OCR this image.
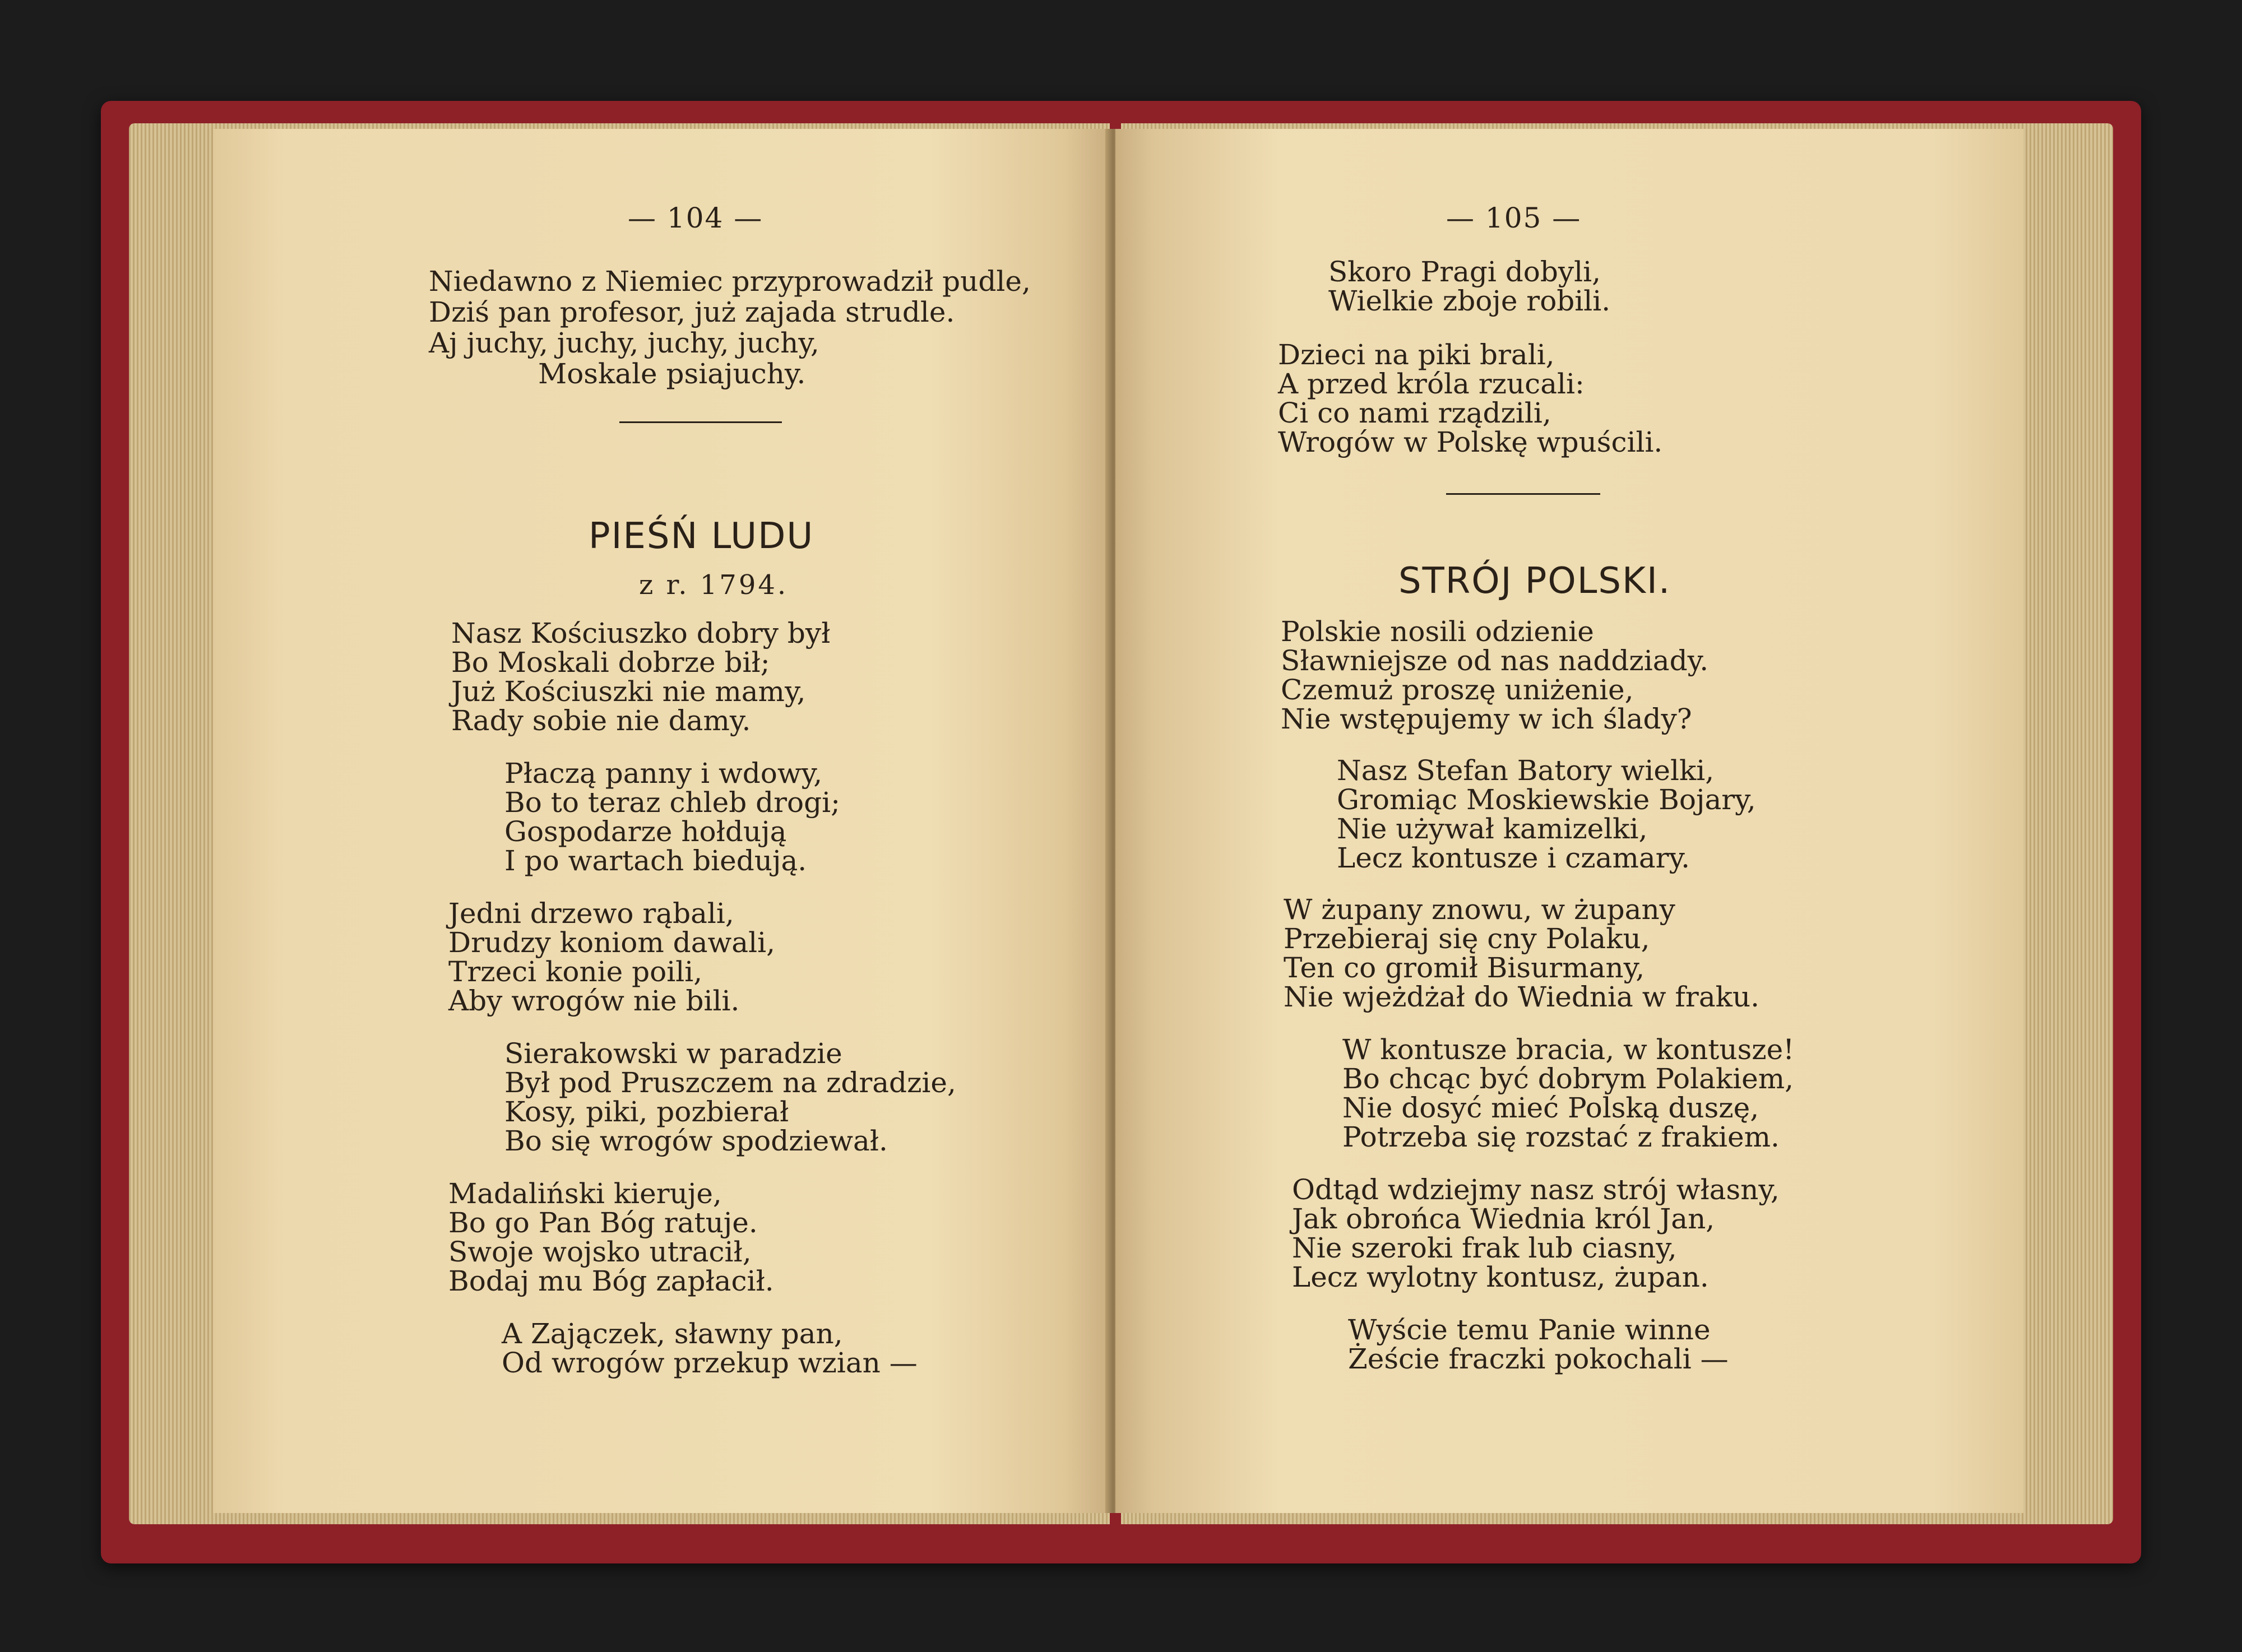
— 104 —
Niedawno z Niemiec przyprowadził pudle,
Dziś pan profesor, już zajada strudle.
Aj juchy, juchy, juchy, juchy,
Moskale psiajuchy.
PIEŚŃ LUDU
z r. 1794.
Nasz Kościuszko dobry był
Bo Moskali dobrze bił;
Już Kościuszki nie mamy,
Rady sobie nie damy.
Płaczą panny i wdowy,
Bo to teraz chleb drogi;
Gospodarze hołdują
I po wartach biedują.
Jedni drzewo rąbali,
Drudzy koniom dawali,
Trzeci konie poili,
Aby wrogów nie bili.
Sierakowski w paradzie
Był pod Pruszczem na zdradzie,
Kosy, piki, pozbierał
Bo się wrogów spodziewał.
Madaliński kieruje,
Bo go Pan Bóg ratuje.
Swoje wojsko utracił,
Bodaj mu Bóg zapłacił.
A Zajączek, sławny pan,
Od wrogów przekup wzian —
— 105 —
Skoro Pragi dobyli,
Wielkie zboje robili.
Dzieci na piki brali,
A przed króla rzucali:
Ci co nami rządzili,
Wrogów w Polskę wpuścili.
STRÓJ POLSKI.
Polskie nosili odzienie
Sławniejsze od nas naddziady.
Czemuż proszę uniżenie,
Nie wstępujemy w ich ślady?
Nasz Stefan Batory wielki,
Gromiąc Moskiewskie Bojary,
Nie używał kamizelki,
Lecz kontusze i czamary.
W żupany znowu, w żupany
Przebieraj się cny Polaku,
Ten co gromił Bisurmany,
Nie wjeżdżał do Wiednia w fraku.
W kontusze bracia, w kontusze!
Bo chcąc być dobrym Polakiem,
Nie dosyć mieć Polską duszę,
Potrzeba się rozstać z frakiem.
Odtąd wdziejmy nasz strój własny,
Jak obrońca Wiednia król Jan,
Nie szeroki frak lub ciasny,
Lecz wylotny kontusz, żupan.
Wyście temu Panie winne
Żeście fraczki pokochali —
